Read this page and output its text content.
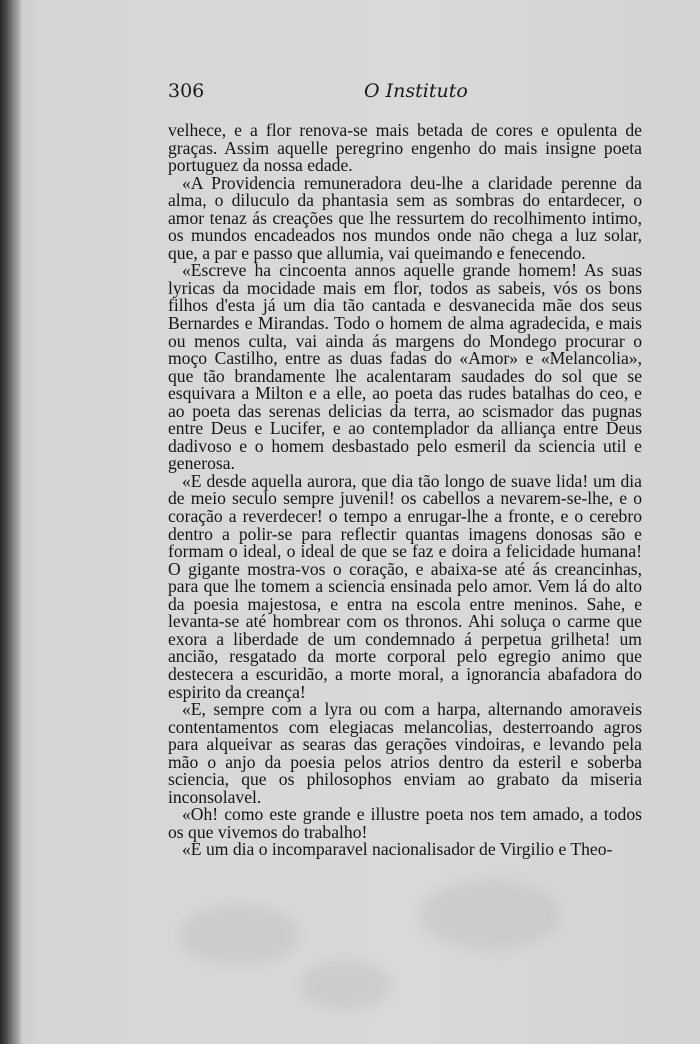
306	O Instituto

velhece, e a flor renova-se mais betada de cores e opulenta de graças. Assim aquelle peregrino engenho do mais insigne poeta portuguez da nossa edade.

«A Providencia remuneradora deu-lhe a claridade perenne da alma, o diluculo da phantasia sem as sombras do entardecer, o amor tenaz ás creações que lhe ressurtem do recolhimento intimo, os mundos encadeados nos mundos onde não chega a luz solar, que, a par e passo que allumia, vai queimando e fenecendo.

«Escreve ha cincoenta annos aquelle grande homem! As suas lyricas da mocidade mais em flor, todos as sabeis, vós os bons filhos d'esta já um dia tão cantada e desvanecida mãe dos seus Bernardes e Mirandas. Todo o homem de alma agradecida, e mais ou menos culta, vai ainda ás margens do Mondego procurar o moço Castilho, entre as duas fadas do «Amor» e «Melancolia», que tão brandamente lhe acalentaram saudades do sol que se esquivara a Milton e a elle, ao poeta das rudes batalhas do ceo, e ao poeta das serenas delicias da terra, ao scismador das pugnas entre Deus e Lucifer, e ao contemplador da alliança entre Deus dadivoso e o homem desbastado pelo esmeril da sciencia util e generosa.

«E desde aquella aurora, que dia tão longo de suave lida! um dia de meio seculo sempre juvenil! os cabellos a nevarem-se-lhe, e o coração a reverdecer! o tempo a enrugar-lhe a fronte, e o cerebro dentro a polir-se para reflectir quantas imagens donosas são e formam o ideal, o ideal de que se faz e doira a felicidade humana! O gigante mostra-vos o coração, e abaixa-se até ás creancinhas, para que lhe tomem a sciencia ensinada pelo amor. Vem lá do alto da poesia majestosa, e entra na escola entre meninos. Sahe, e levanta-se até hombrear com os thronos. Ahi soluça o carme que exora a liberdade de um condemnado á perpetua grilheta! um ancião, resgatado da morte corporal pelo egregio animo que destecera a escuridão, a morte moral, a ignorancia abafadora do espirito da creança!

«E, sempre com a lyra ou com a harpa, alternando amoraveis contentamentos com elegiacas melancolias, desterroando agros para alqueivar as searas das gerações vindoiras, e levando pela mão o anjo da poesia pelos atrios dentro da esteril e soberba sciencia, que os philosophos enviam ao grabato da miseria inconsolavel.

«Oh! como este grande e illustre poeta nos tem amado, a todos os que vivemos do trabalho!

«E um dia o incomparavel nacionalisador de Virgilio e Theo-
